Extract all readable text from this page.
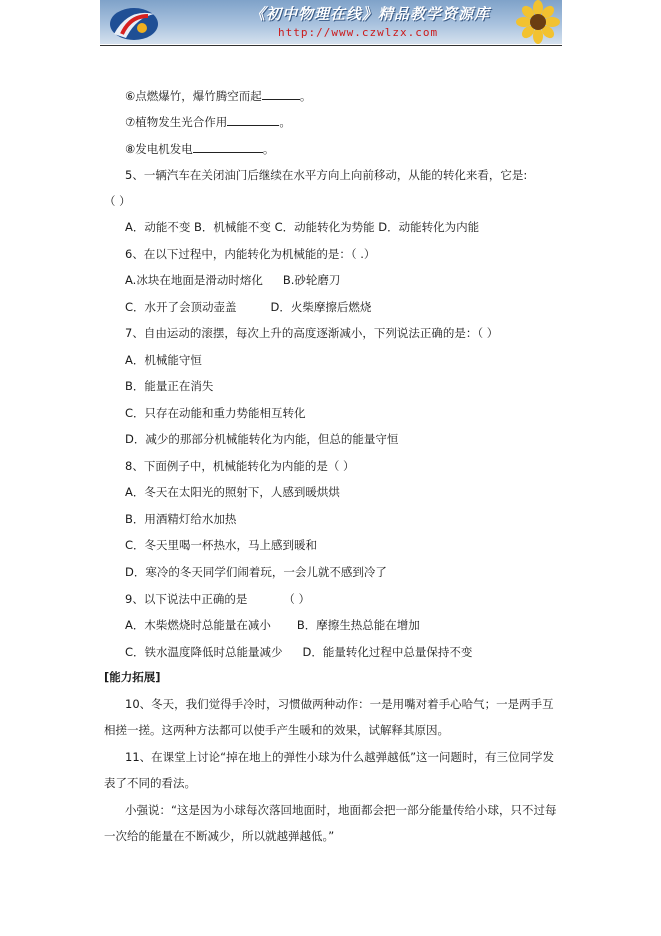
《初中物理在线》精品教学资源库
http://www.czwlzx.com
⑥点燃爆竹，爆竹腾空而起	。
⑦植物发生光合作用	。
⑧发电机发电	。
5、一辆汽车在关闭油门后继续在水平方向上向前移动，从能的转化来看，它是:
（ ）
A．动能不变 B．机械能不变 C．动能转化为势能 D．动能转化为内能
6、在以下过程中，内能转化为机械能的是：（ .）
A.冰块在地面是滑动时熔化 B.砂轮磨刀
C．水开了会顶动壶盖	D．火柴摩擦后燃烧
7、自由运动的滚摆，每次上升的高度逐渐减小，下列说法正确的是：（ ）
A．机械能守恒
B．能量正在消失
C．只存在动能和重力势能相互转化
D．减少的那部分机械能转化为内能，但总的能量守恒
8、下面例子中，机械能转化为内能的是（ ）
A．冬天在太阳光的照射下，人感到暖烘烘
B．用酒精灯给水加热
C．冬天里喝一杯热水，马上感到暖和
D．寒冷的冬天同学们闹着玩，一会儿就不感到冷了
9、以下说法中正确的是	（ ）
A．木柴燃烧时总能量在减小 B．摩擦生热总能在增加
C．铁水温度降低时总能量减少 D．能量转化过程中总量保持不变
[能力拓展]
10、冬天，我们觉得手冷时，习惯做两种动作：一是用嘴对着手心哈气；一是两手互
相搓一搓。这两种方法都可以使手产生暖和的效果，试解释其原因。
11、在课堂上讨论“掉在地上的弹性小球为什么越弹越低”这一问题时，有三位同学发
表了不同的看法。
小强说：“这是因为小球每次落回地面时，地面都会把一部分能量传给小球，只不过每
一次给的能量在不断减少，所以就越弹越低。”
